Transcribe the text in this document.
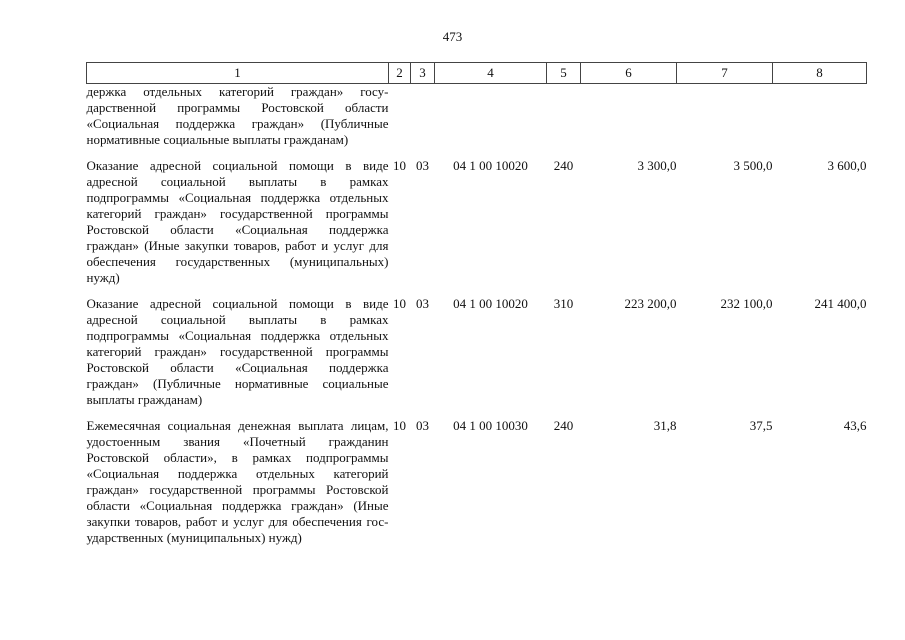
473
1	2	3	4	5	6	7	8
держка отдельных категорий граждан» государственной программы Ростовской области «Социальная поддержка граждан» (Публичные нормативные социальные выплаты гражданам)							
Оказание адресной социальной помощи в виде адресной социальной выплаты в рамках подпрограммы «Социальная поддержка отдельных категорий граждан» государственной программы Ростовской области «Социальная поддержка граждан» (Иные закупки товаров, работ и услуг для обеспечения государственных (муниципальных) нужд)	10	03	04 1 00 10020	240	3 300,0	3 500,0	3 600,0
Оказание адресной социальной помощи в виде адресной социальной выплаты в рамках подпрограммы «Социальная поддержка отдельных категорий граждан» государственной программы Ростовской области «Социальная поддержка граждан» (Публичные нормативные социальные выплаты гражданам)	10	03	04 1 00 10020	310	223 200,0	232 100,0	241 400,0
Ежемесячная социальная денежная выплата лицам, удостоенным звания «Почетный гражданин Ростовской области», в рамках подпрограммы «Социальная поддержка отдельных категорий граждан» государственной программы Ростовской области «Социальная поддержка граждан» (Иные закупки товаров, работ и услуг для обеспечения государственных (муниципальных) нужд)	10	03	04 1 00 10030	240	31,8	37,5	43,6
